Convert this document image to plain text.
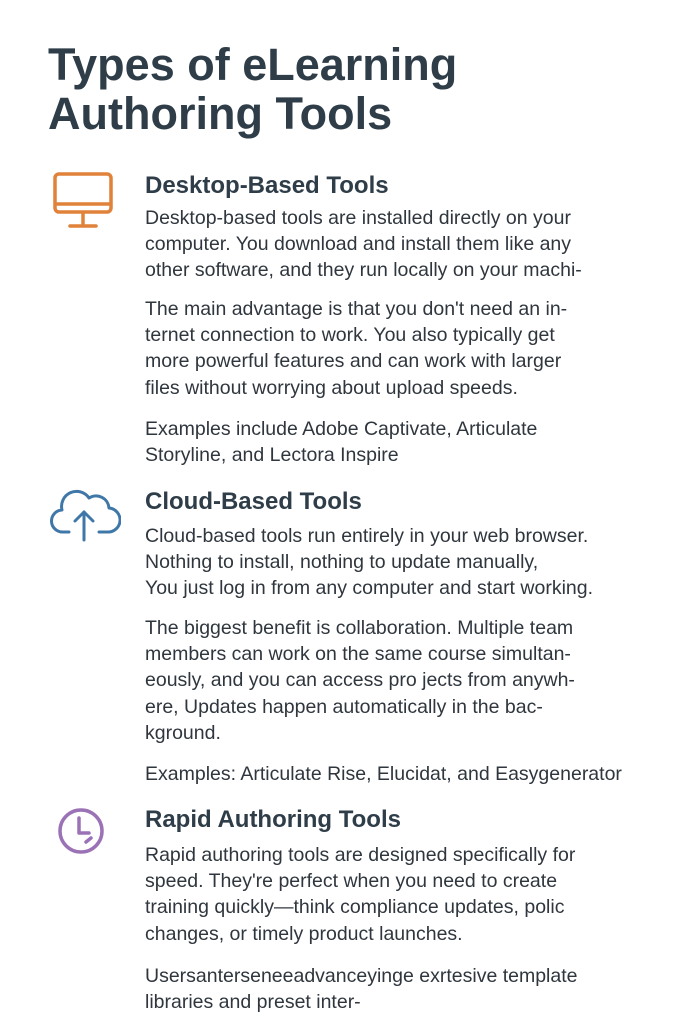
Types of eLearning
Authoring Tools
Desktop-Based Tools

Desktop-based tools are installed directly on your
computer. You download and install them like any
other software, and they run locally on your machi-

The main advantage is that you don't need an in-
ternet connection to work. You also typically get
more powerful features and can work with larger
files without worrying about upload speeds.

Examples include Adobe Captivate, Articulate
Storyline, and Lectora Inspire

Cloud-Based Tools

Cloud-based tools run entirely in your web browser.
Nothing to install, nothing to update manually,
You just log in from any computer and start working.

The biggest benefit is collaboration. Multiple team
members can work on the same course simultan-
eously, and you can access pro jects from anywh-
ere, Updates happen automatically in the bac-
kground.

Examples: Articulate Rise, Elucidat, and Easygenerator

Rapid Authoring Tools

Rapid authoring tools are designed specifically for
speed. They're perfect when you need to create
training quickly—think compliance updates, polic
changes, or timely product launches.

Usersanterseneeadvanceyinge exrtesive template
libraries and preset inter-
